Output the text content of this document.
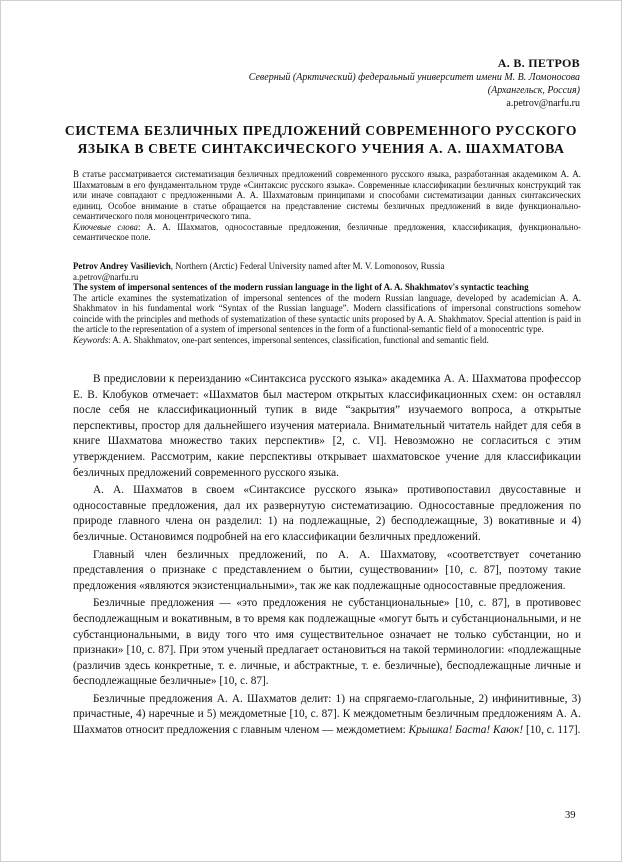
А. В. ПЕТРОВ
Северный (Арктический) федеральный университет имени М. В. Ломоносова
(Архангельск, Россия)
a.petrov@narfu.ru
СИСТЕМА БЕЗЛИЧНЫХ ПРЕДЛОЖЕНИЙ СОВРЕМЕННОГО РУССКОГО
ЯЗЫКА В СВЕТЕ СИНТАКСИЧЕСКОГО УЧЕНИЯ А. А. ШАХМАТОВА

В статье рассматривается систематизация безличных предложений современного русского языка, разработанная академиком А. А. Шахматовым в его фундаментальном труде «Синтаксис русского языка». Современные классификации безличных конструкций так или иначе совпадают с предложенными А. А. Шахматовым принципами и способами систематизации данных синтаксических единиц. Особое внимание в статье обращается на представление системы безличных предложений в виде функционально-семантического поля моноцентрического типа.

Ключевые слова: А. А. Шахматов, односоставные предложения, безличные предложения, классификация, функционально-семантическое поле.

Petrov Andrey Vasilievich, Northern (Arctic) Federal University named after M. V. Lomonosov, Russia

a.petrov@narfu.ru

The system of impersonal sentences of the modern russian language in the light of A. A. Shakhmatov's syntactic teaching

The article examines the systematization of impersonal sentences of the modern Russian language, developed by academician A. A. Shakhmatov in his fundamental work “Syntax of the Russian language”. Modern classifications of impersonal constructions somehow coincide with the principles and methods of systematization of these syntactic units proposed by A. A. Shakhmatov. Special attention is paid in the article to the representation of a system of impersonal sentences in the form of a functional-semantic field of a monocentric type.

Keywords: A. A. Shakhmatov, one-part sentences, impersonal sentences, classification, functional and semantic field.

В предисловии к переизданию «Синтаксиса русского языка» академика А. А. Шахматова профессор Е. В. Клобуков отмечает: «Шахматов был мастером открытых классификационных схем: он оставлял после себя не классификационный тупик в виде “закрытия” изучаемого вопроса, а открытые перспективы, простор для дальнейшего изучения материала. Внимательный читатель найдет для себя в книге Шахматова множество таких перспектив» [2, с. VI]. Невозможно не согласиться с этим утверждением. Рассмотрим, какие перспективы открывает шахматовское учение для классификации безличных предложений современного русского языка.

А. А. Шахматов в своем «Синтаксисе русского языка» противопоставил двусоставные и односоставные предложения, дал их развернутую систематизацию. Односоставные предложения по природе главного члена он разделил: 1) на подлежащные, 2) бесподлежащные, 3) вокативные и 4) безличные. Остановимся подробней на его классификации безличных предложений.

Главный член безличных предложений, по А. А. Шахматову, «соответствует сочетанию представления о признаке с представлением о бытии, существовании» [10, с. 87], поэтому такие предложения «являются экзистенциальными», так же как подлежащные односоставные предложения.

Безличные предложения — «это предложения не субстанциональные» [10, с. 87], в противовес бесподлежащным и вокативным, в то время как подлежащные «могут быть и субстанциональными, и не субстанциональными, в виду того что имя существительное означает не только субстанции, но и признаки» [10, с. 87]. При этом ученый предлагает остановиться на такой терминологии: «подлежащные (различив здесь конкретные, т. е. личные, и абстрактные, т. е. безличные), бесподлежащные личные и бесподлежащные безличные» [10, с. 87].

Безличные предложения А. А. Шахматов делит: 1) на спрягаемо-глагольные, 2) инфинитивные, 3) причастные, 4) наречные и 5) междометные [10, с. 87]. К междометным безличным предложениям А. А. Шахматов относит предложения с главным членом — междометием: Крышка! Баста! Каюк! [10, с. 117].

39
